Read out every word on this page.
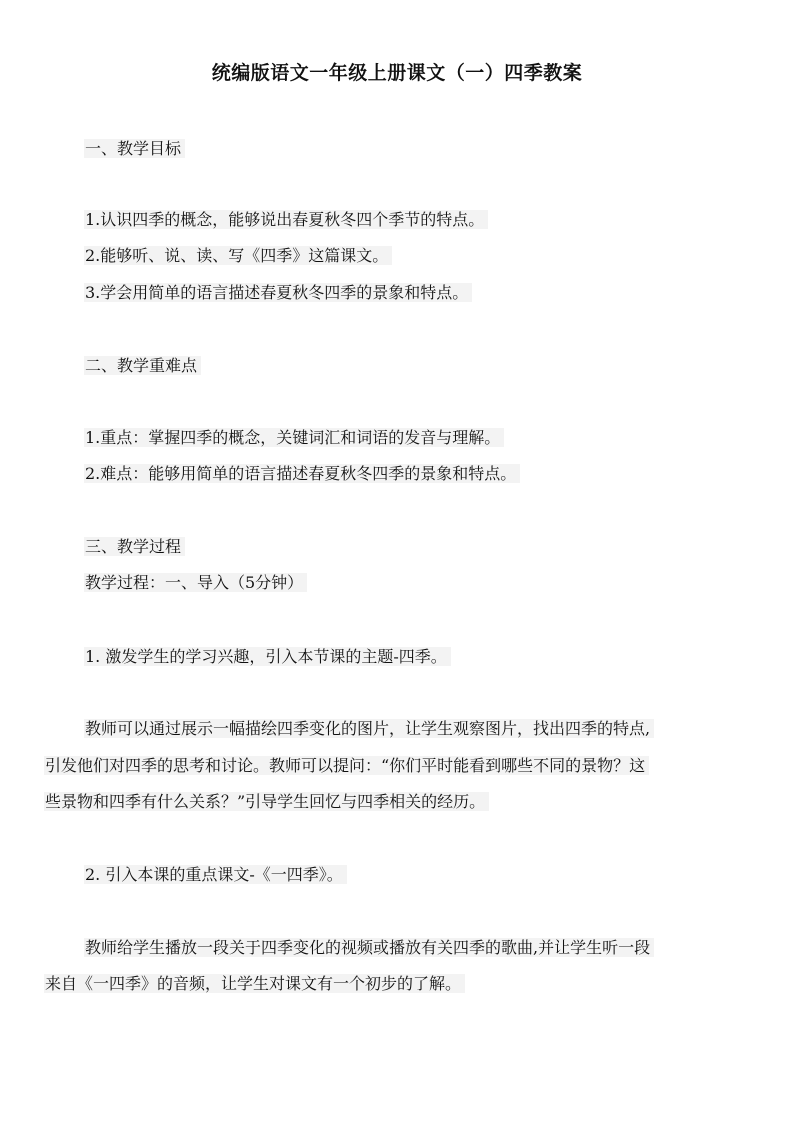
统编版语文一年级上册课文（一）四季教案
一、教学目标
1.认识四季的概念，能够说出春夏秋冬四个季节的特点。
2.能够听、说、读、写《四季》这篇课文。
3.学会用简单的语言描述春夏秋冬四季的景象和特点。
二、教学重难点
1.重点：掌握四季的概念，关键词汇和词语的发音与理解。
2.难点：能够用简单的语言描述春夏秋冬四季的景象和特点。
三、教学过程
教学过程：一、导入（5分钟）
1. 激发学生的学习兴趣，引入本节课的主题-四季。
教师可以通过展示一幅描绘四季变化的图片，让学生观察图片，找出四季的特点,
引发他们对四季的思考和讨论。教师可以提问：“你们平时能看到哪些不同的景物？这
些景物和四季有什么关系？”引导学生回忆与四季相关的经历。
2. 引入本课的重点课文-《一四季》。
教师给学生播放一段关于四季变化的视频或播放有关四季的歌曲,并让学生听一段
来自《一四季》的音频，让学生对课文有一个初步的了解。
